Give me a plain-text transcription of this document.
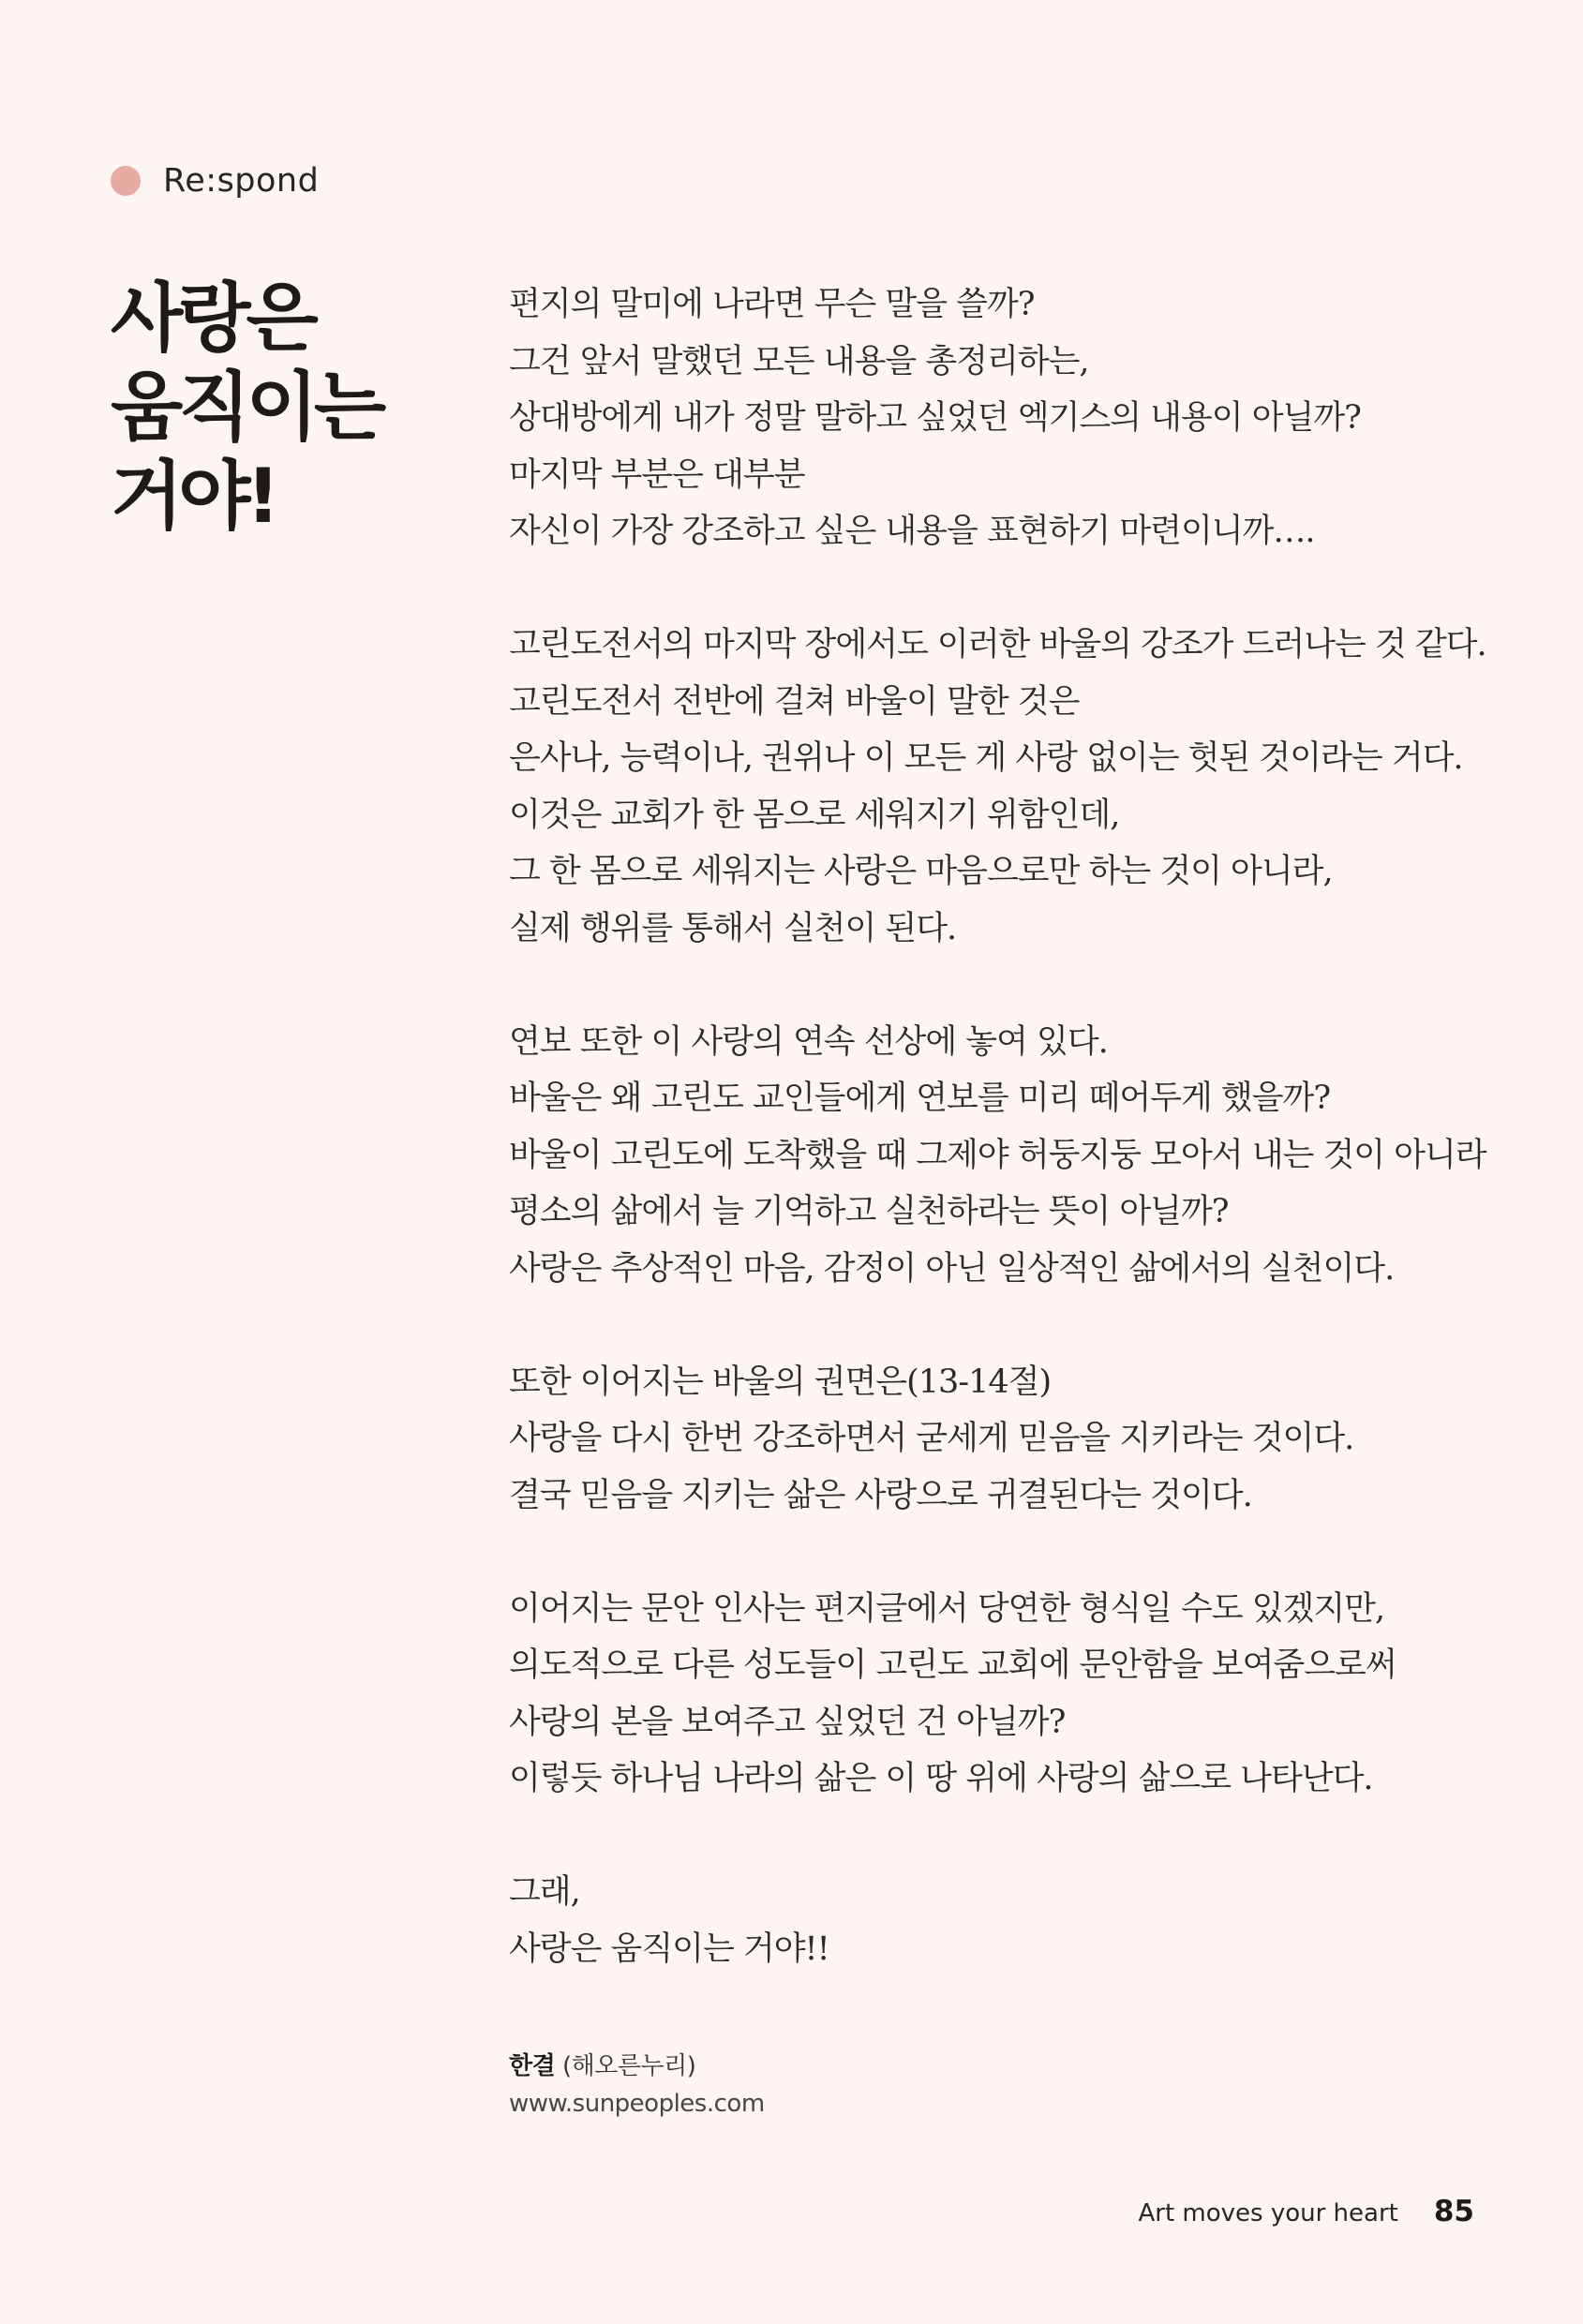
Re:spond
사랑은
움직이는
거야!
편지의 말미에 나라면 무슨 말을 쓸까?
그건 앞서 말했던 모든 내용을 총정리하는,
상대방에게 내가 정말 말하고 싶었던 엑기스의 내용이 아닐까?
마지막 부분은 대부분
자신이 가장 강조하고 싶은 내용을 표현하기 마련이니까….
고린도전서의 마지막 장에서도 이러한 바울의 강조가 드러나는 것 같다.
고린도전서 전반에 걸쳐 바울이 말한 것은
은사나, 능력이나, 권위나 이 모든 게 사랑 없이는 헛된 것이라는 거다.
이것은 교회가 한 몸으로 세워지기 위함인데,
그 한 몸으로 세워지는 사랑은 마음으로만 하는 것이 아니라,
실제 행위를 통해서 실천이 된다.
연보 또한 이 사랑의 연속 선상에 놓여 있다.
바울은 왜 고린도 교인들에게 연보를 미리 떼어두게 했을까?
바울이 고린도에 도착했을 때 그제야 허둥지둥 모아서 내는 것이 아니라
평소의 삶에서 늘 기억하고 실천하라는 뜻이 아닐까?
사랑은 추상적인 마음, 감정이 아닌 일상적인 삶에서의 실천이다.
또한 이어지는 바울의 권면은(13-14절)
사랑을 다시 한번 강조하면서 굳세게 믿음을 지키라는 것이다.
결국 믿음을 지키는 삶은 사랑으로 귀결된다는 것이다.
이어지는 문안 인사는 편지글에서 당연한 형식일 수도 있겠지만,
의도적으로 다른 성도들이 고린도 교회에 문안함을 보여줌으로써
사랑의 본을 보여주고 싶었던 건 아닐까?
이렇듯 하나님 나라의 삶은 이 땅 위에 사랑의 삶으로 나타난다.
그래,
사랑은 움직이는 거야!!
한결 (해오른누리)
www.sunpeoples.com
Art moves your heart 85
